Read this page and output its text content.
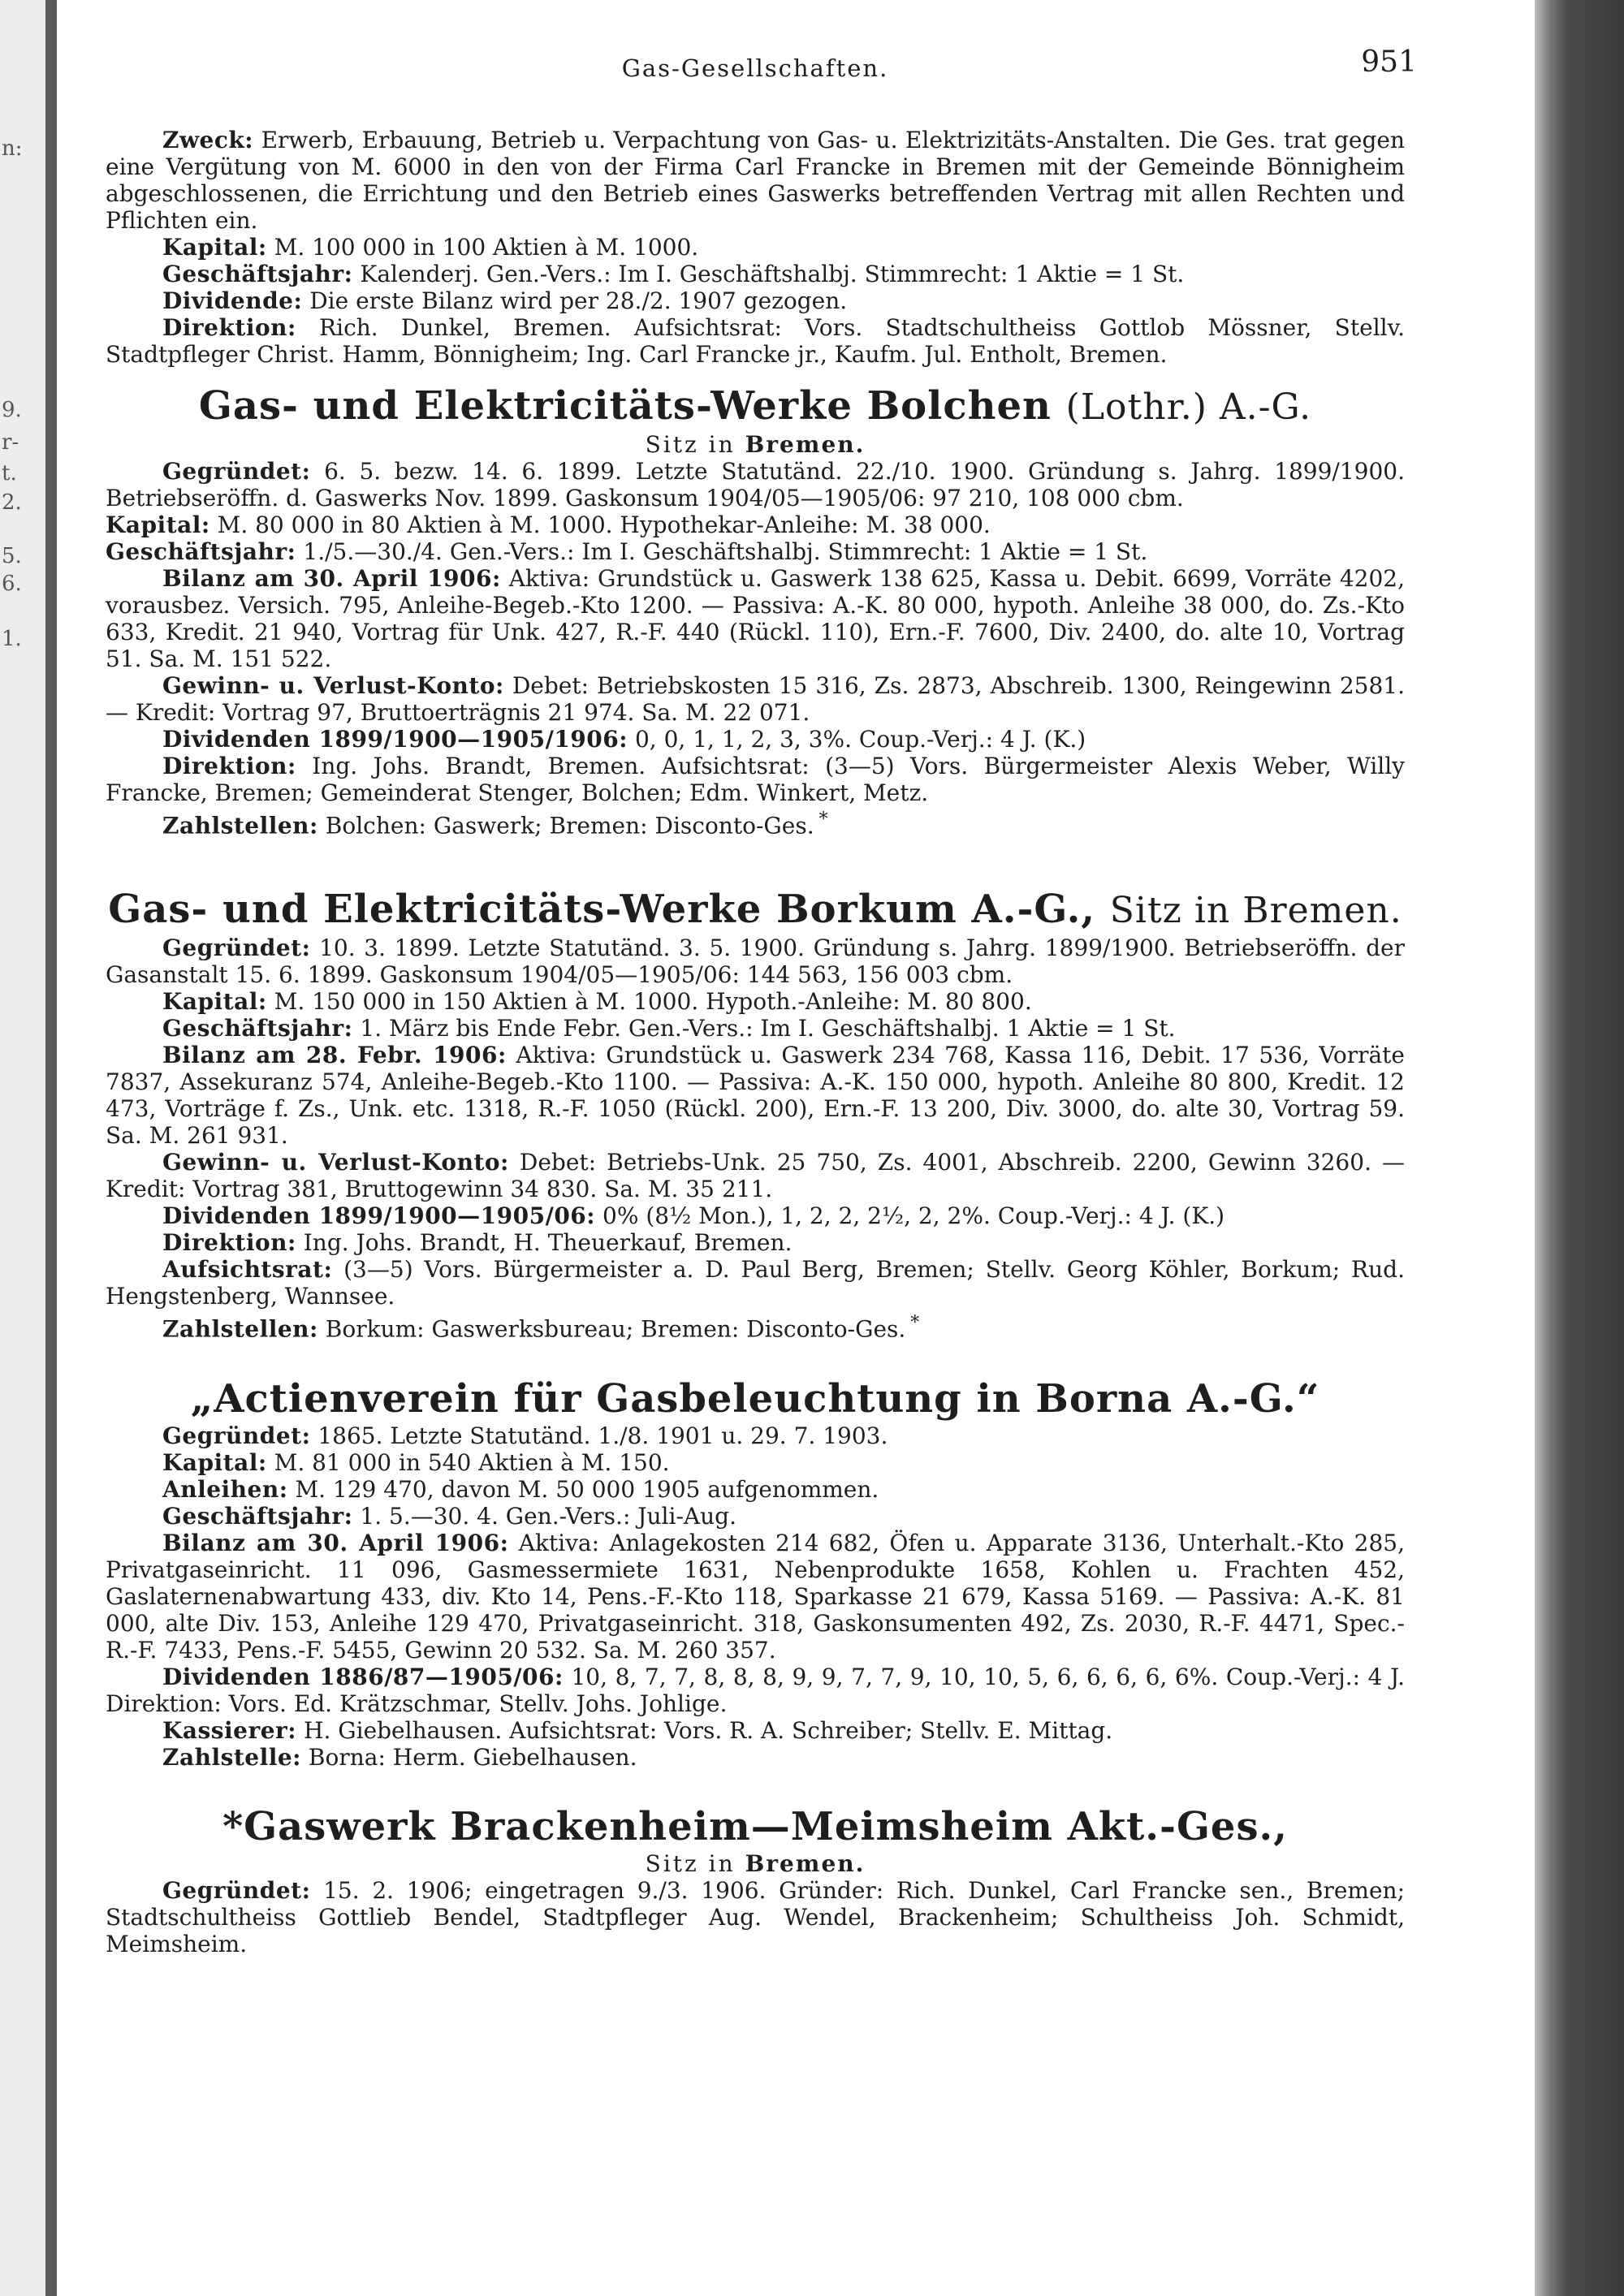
n:
9.
r-
t.
2.
5.
6.
1.
Gas-Gesellschaften.	951

Zweck: Erwerb, Erbauung, Betrieb u. Verpachtung von Gas- u. Elektrizitäts-Anstalten. Die Ges. trat gegen eine Vergütung von M. 6000 in den von der Firma Carl Francke in Bremen mit der Gemeinde Bönnigheim abgeschlossenen, die Errichtung und den Betrieb eines Gaswerks betreffenden Vertrag mit allen Rechten und Pflichten ein.

Kapital: M. 100 000 in 100 Aktien à M. 1000.

Geschäftsjahr: Kalenderj. Gen.-Vers.: Im I. Geschäftshalbj. Stimmrecht: 1 Aktie = 1 St.

Dividende: Die erste Bilanz wird per 28./2. 1907 gezogen.

Direktion: Rich. Dunkel, Bremen. Aufsichtsrat: Vors. Stadtschultheiss Gottlob Mössner, Stellv. Stadtpfleger Christ. Hamm, Bönnigheim; Ing. Carl Francke jr., Kaufm. Jul. Entholt, Bremen.

Gas- und Elektricitäts-Werke Bolchen (Lothr.) A.-G.
Sitz in Bremen.

Gegründet: 6. 5. bezw. 14. 6. 1899. Letzte Statutänd. 22./10. 1900. Gründung s. Jahrg. 1899/1900. Betriebseröffn. d. Gaswerks Nov. 1899. Gaskonsum 1904/05—1905/06: 97 210, 108 000 cbm.

Kapital: M. 80 000 in 80 Aktien à M. 1000. Hypothekar-Anleihe: M. 38 000.

Geschäftsjahr: 1./5.—30./4. Gen.-Vers.: Im I. Geschäftshalbj. Stimmrecht: 1 Aktie = 1 St.

Bilanz am 30. April 1906: Aktiva: Grundstück u. Gaswerk 138 625, Kassa u. Debit. 6699, Vorräte 4202, vorausbez. Versich. 795, Anleihe-Begeb.-Kto 1200. — Passiva: A.-K. 80 000, hypoth. Anleihe 38 000, do. Zs.-Kto 633, Kredit. 21 940, Vortrag für Unk. 427, R.-F. 440 (Rückl. 110), Ern.-F. 7600, Div. 2400, do. alte 10, Vortrag 51. Sa. M. 151 522.

Gewinn- u. Verlust-Konto: Debet: Betriebskosten 15 316, Zs. 2873, Abschreib. 1300, Reingewinn 2581. — Kredit: Vortrag 97, Bruttoerträgnis 21 974. Sa. M. 22 071.

Dividenden 1899/1900—1905/1906: 0, 0, 1, 1, 2, 3, 3%. Coup.-Verj.: 4 J. (K.)

Direktion: Ing. Johs. Brandt, Bremen. Aufsichtsrat: (3—5) Vors. Bürgermeister Alexis Weber, Willy Francke, Bremen; Gemeinderat Stenger, Bolchen; Edm. Winkert, Metz.

Zahlstellen: Bolchen: Gaswerk; Bremen: Disconto-Ges. *

Gas- und Elektricitäts-Werke Borkum A.-G., Sitz in Bremen.

Gegründet: 10. 3. 1899. Letzte Statutänd. 3. 5. 1900. Gründung s. Jahrg. 1899/1900. Betriebseröffn. der Gasanstalt 15. 6. 1899. Gaskonsum 1904/05—1905/06: 144 563, 156 003 cbm.

Kapital: M. 150 000 in 150 Aktien à M. 1000. Hypoth.-Anleihe: M. 80 800.

Geschäftsjahr: 1. März bis Ende Febr. Gen.-Vers.: Im I. Geschäftshalbj. 1 Aktie = 1 St.

Bilanz am 28. Febr. 1906: Aktiva: Grundstück u. Gaswerk 234 768, Kassa 116, Debit. 17 536, Vorräte 7837, Assekuranz 574, Anleihe-Begeb.-Kto 1100. — Passiva: A.-K. 150 000, hypoth. Anleihe 80 800, Kredit. 12 473, Vorträge f. Zs., Unk. etc. 1318, R.-F. 1050 (Rückl. 200), Ern.-F. 13 200, Div. 3000, do. alte 30, Vortrag 59. Sa. M. 261 931.

Gewinn- u. Verlust-Konto: Debet: Betriebs-Unk. 25 750, Zs. 4001, Abschreib. 2200, Gewinn 3260. — Kredit: Vortrag 381, Bruttogewinn 34 830. Sa. M. 35 211.

Dividenden 1899/1900—1905/06: 0% (8½ Mon.), 1, 2, 2, 2½, 2, 2%. Coup.-Verj.: 4 J. (K.)

Direktion: Ing. Johs. Brandt, H. Theuerkauf, Bremen.

Aufsichtsrat: (3—5) Vors. Bürgermeister a. D. Paul Berg, Bremen; Stellv. Georg Köhler, Borkum; Rud. Hengstenberg, Wannsee.

Zahlstellen: Borkum: Gaswerksbureau; Bremen: Disconto-Ges. *

„Actienverein für Gasbeleuchtung in Borna A.-G.“

Gegründet: 1865. Letzte Statutänd. 1./8. 1901 u. 29. 7. 1903.

Kapital: M. 81 000 in 540 Aktien à M. 150.

Anleihen: M. 129 470, davon M. 50 000 1905 aufgenommen.

Geschäftsjahr: 1. 5.—30. 4. Gen.-Vers.: Juli-Aug.

Bilanz am 30. April 1906: Aktiva: Anlagekosten 214 682, Öfen u. Apparate 3136, Unterhalt.-Kto 285, Privatgaseinricht. 11 096, Gasmessermiete 1631, Nebenprodukte 1658, Kohlen u. Frachten 452, Gaslaternenabwartung 433, div. Kto 14, Pens.-F.-Kto 118, Sparkasse 21 679, Kassa 5169. — Passiva: A.-K. 81 000, alte Div. 153, Anleihe 129 470, Privatgaseinricht. 318, Gaskonsumenten 492, Zs. 2030, R.-F. 4471, Spec.-R.-F. 7433, Pens.-F. 5455, Gewinn 20 532. Sa. M. 260 357.

Dividenden 1886/87—1905/06: 10, 8, 7, 7, 8, 8, 8, 9, 9, 7, 7, 9, 10, 10, 5, 6, 6, 6, 6, 6%. Coup.-Verj.: 4 J. Direktion: Vors. Ed. Krätzschmar, Stellv. Johs. Johlige.

Kassierer: H. Giebelhausen. Aufsichtsrat: Vors. R. A. Schreiber; Stellv. E. Mittag.

Zahlstelle: Borna: Herm. Giebelhausen.

*Gaswerk Brackenheim—Meimsheim Akt.-Ges.,
Sitz in Bremen.

Gegründet: 15. 2. 1906; eingetragen 9./3. 1906. Gründer: Rich. Dunkel, Carl Francke sen., Bremen; Stadtschultheiss Gottlieb Bendel, Stadtpfleger Aug. Wendel, Brackenheim; Schultheiss Joh. Schmidt, Meimsheim.
